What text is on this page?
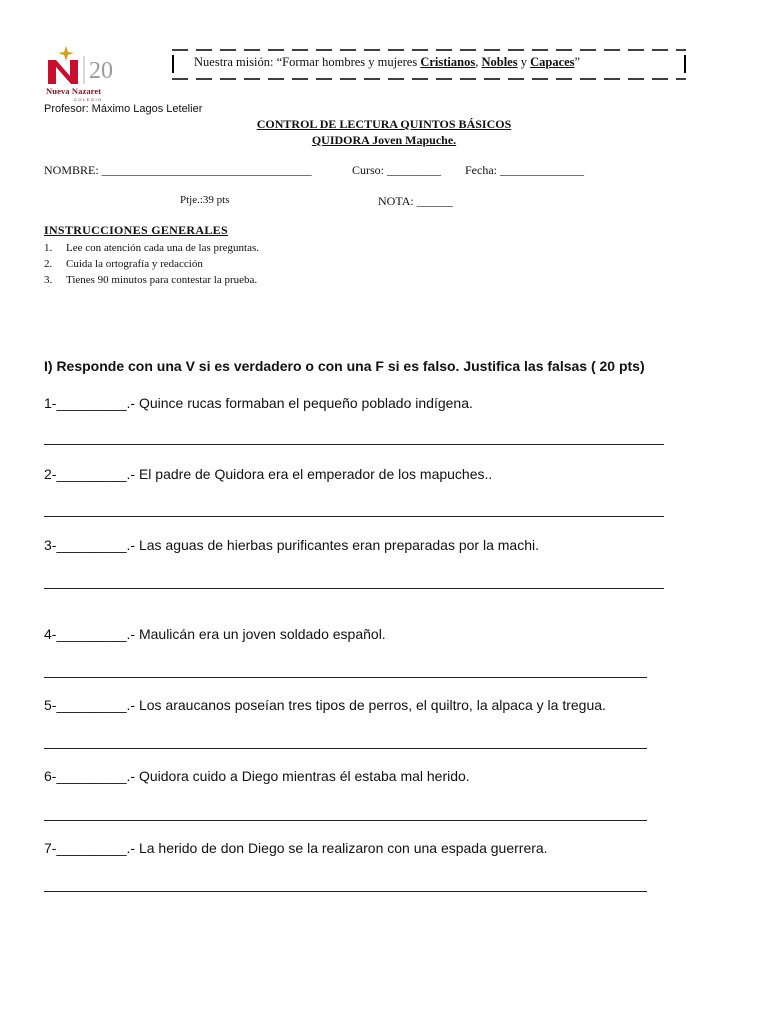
20
Nueva Nazaret
COLEGIO
Nuestra misión: “Formar hombres y mujeres Cristianos, Nobles y Capaces”
Profesor: Máximo Lagos Letelier
CONTROL DE LECTURA QUINTOS BÁSICOS
QUIDORA Joven Mapuche.
NOMBRE: ___________________________________	Curso: _________ Fecha: ______________
Ptje.:39 pts	NOTA: ______
INSTRUCCIONES GENERALES
1. Lee con atención cada una de las preguntas.
2. Cuida la ortografía y redacción
3. Tienes 90 minutos para contestar la prueba.
I) Responde con una V si es verdadero o con una F si es falso. Justifica las falsas ( 20 pts)
1-_________.- Quince rucas formaban el pequeño poblado indígena.
2-_________.- El padre de Quidora era el emperador de los mapuches..
3-_________.- Las aguas de hierbas purificantes eran preparadas por la machi.
4-_________.- Maulicán era un joven soldado español.
5-_________.- Los araucanos poseían tres tipos de perros, el quiltro, la alpaca y la tregua.
6-_________.- Quidora cuido a Diego mientras él estaba mal herido.
7-_________.- La herido de don Diego se la realizaron con una espada guerrera.
